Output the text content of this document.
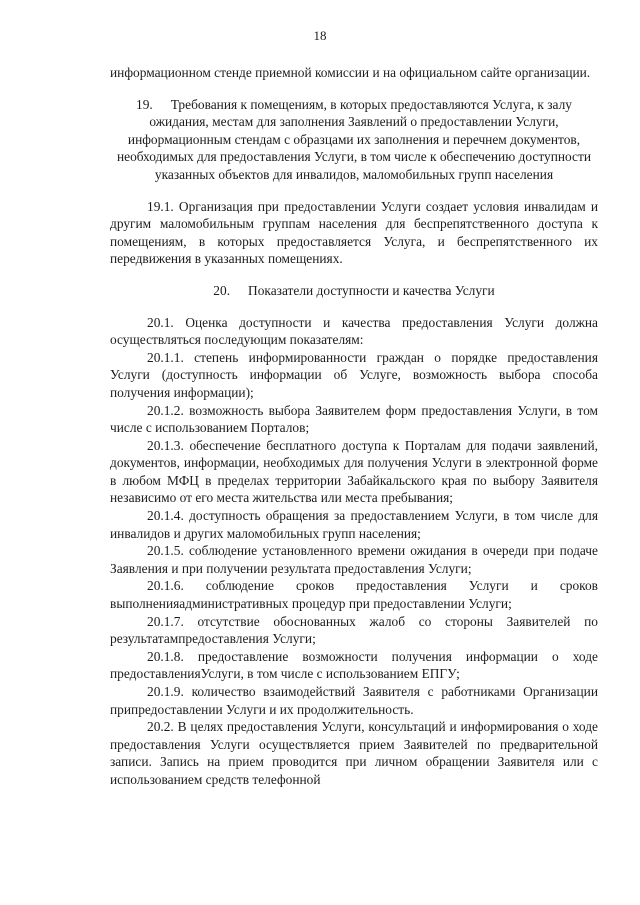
18

информационном стенде приемной комиссии и на официальном сайте организации.

19. Требования к помещениям, в которых предоставляются Услуга, к залу ожидания, местам для заполнения Заявлений о предоставлении Услуги, информационным стендам с образцами их заполнения и перечнем документов, необходимых для предоставления Услуги, в том числе к обеспечению доступности указанных объектов для инвалидов, маломобильных групп населения

19.1. Организация при предоставлении Услуги создает условия инвалидам и другим маломобильным группам населения для беспрепятственного доступа к помещениям, в которых предоставляется Услуга, и беспрепятственного их передвижения в указанных помещениях.

20. Показатели доступности и качества Услуги

20.1. Оценка доступности и качества предоставления Услуги должна осуществляться последующим показателям:

20.1.1. степень информированности граждан о порядке предоставления Услуги (доступность информации об Услуге, возможность выбора способа получения информации);

20.1.2. возможность выбора Заявителем форм предоставления Услуги, в том числе с использованием Порталов;

20.1.3. обеспечение бесплатного доступа к Порталам для подачи заявлений, документов, информации, необходимых для получения Услуги в электронной форме в любом МФЦ в пределах территории Забайкальского края по выбору Заявителя независимо от его места жительства или места пребывания;

20.1.4. доступность обращения за предоставлением Услуги, в том числе для инвалидов и других маломобильных групп населения;

20.1.5. соблюдение установленного времени ожидания в очереди при подаче Заявления и при получении результата предоставления Услуги;

20.1.6. соблюдение сроков предоставления Услуги и сроков выполненияадминистративных процедур при предоставлении Услуги;

20.1.7. отсутствие обоснованных жалоб со стороны Заявителей по результатампредоставления Услуги;

20.1.8. предоставление возможности получения информации о ходе предоставленияУслуги, в том числе с использованием ЕПГУ;

20.1.9. количество взаимодействий Заявителя с работниками Организации припредоставлении Услуги и их продолжительность.

20.2. В целях предоставления Услуги, консультаций и информирования о ходе предоставления Услуги осуществляется прием Заявителей по предварительной записи. Запись на прием проводится при личном обращении Заявителя или с использованием средств телефонной
